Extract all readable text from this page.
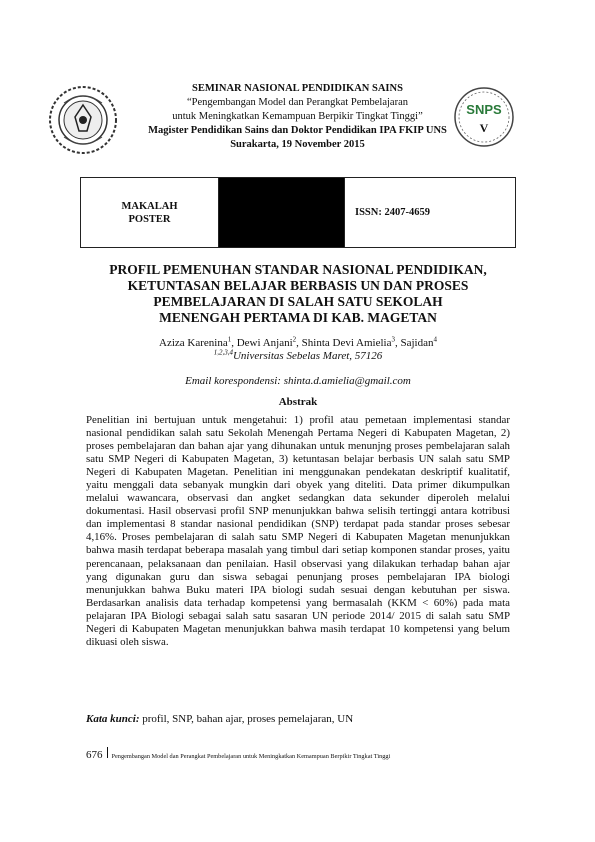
SEMINAR NASIONAL PENDIDIKAN SAINS
“Pengembangan Model dan Perangkat Pembelajaran
untuk Meningkatkan Kemampuan Berpikir Tingkat Tinggi”
Magister Pendidikan Sains dan Doktor Pendidikan IPA FKIP UNS
Surakarta, 19 November 2015
SNPS
V
MAKALAH
POSTER
ISSN: 2407-4659
PROFIL PEMENUHAN STANDAR NASIONAL PENDIDIKAN,
KETUNTASAN BELAJAR BERBASIS UN DAN PROSES
PEMBELAJARAN DI SALAH SATU SEKOLAH
MENENGAH PERTAMA DI KAB. MAGETAN
Aziza Karenina$^1$, Dewi Anjani$^2$, Shinta Devi Amielia$^3$, Sajidan$^4$
$^{1,2,3,4}$Universitas Sebelas Maret, 57126
Email korespondensi: shinta.d.amielia@gmail.com
Abstrak
Penelitian ini bertujuan untuk mengetahui: 1) profil atau pemetaan implementasi standar nasional pendidikan salah satu Sekolah Menengah Pertama Negeri di Kabupaten Magetan, 2) proses pembelajaran dan bahan ajar yang dihunakan untuk menunjng proses pembelajaran salah satu SMP Negeri di Kabupaten Magetan, 3) ketuntasan belajar berbasis UN salah satu SMP Negeri di Kabupaten Magetan. Penelitian ini menggunakan pendekatan deskriptif kualitatif, yaitu menggali data sebanyak mungkin dari obyek yang diteliti. Data primer dikumpulkan melalui wawancara, observasi dan angket sedangkan data sekunder diperoleh melalui dokumentasi. Hasil observasi profil SNP menunjukkan bahwa selisih tertinggi antara kotribusi dan implementasi 8 standar nasional pendidikan (SNP) terdapat pada standar proses sebesar 4,16%. Proses pembelajaran di salah satu SMP Negeri di Kabupaten Magetan menunjukkan bahwa masih terdapat beberapa masalah yang timbul dari setiap komponen standar proses, yaitu perencanaan, pelaksanaan dan penilaian. Hasil observasi yang dilakukan terhadap bahan ajar yang digunakan guru dan siswa sebagai penunjang proses pembelajaran IPA biologi menunjukkan bahwa Buku materi IPA biologi sudah sesuai dengan kebutuhan per siswa. Berdasarkan analisis data terhadap kompetensi yang bermasalah (KKM < 60%) pada mata pelajaran IPA Biologi sebagai salah satu sasaran UN periode 2014/ 2015 di salah satu SMP Negeri di Kabupaten Magetan menunjukkan bahwa masih terdapat 10 kompetensi yang belum dikuasi oleh siswa.
Kata kunci: profil, SNP, bahan ajar, proses pemelajaran, UN
676	Pengembangan Model dan Perangkat Pembelajaran untuk Meningkatkan Kemampuan Berpikir Tingkat Tinggi
